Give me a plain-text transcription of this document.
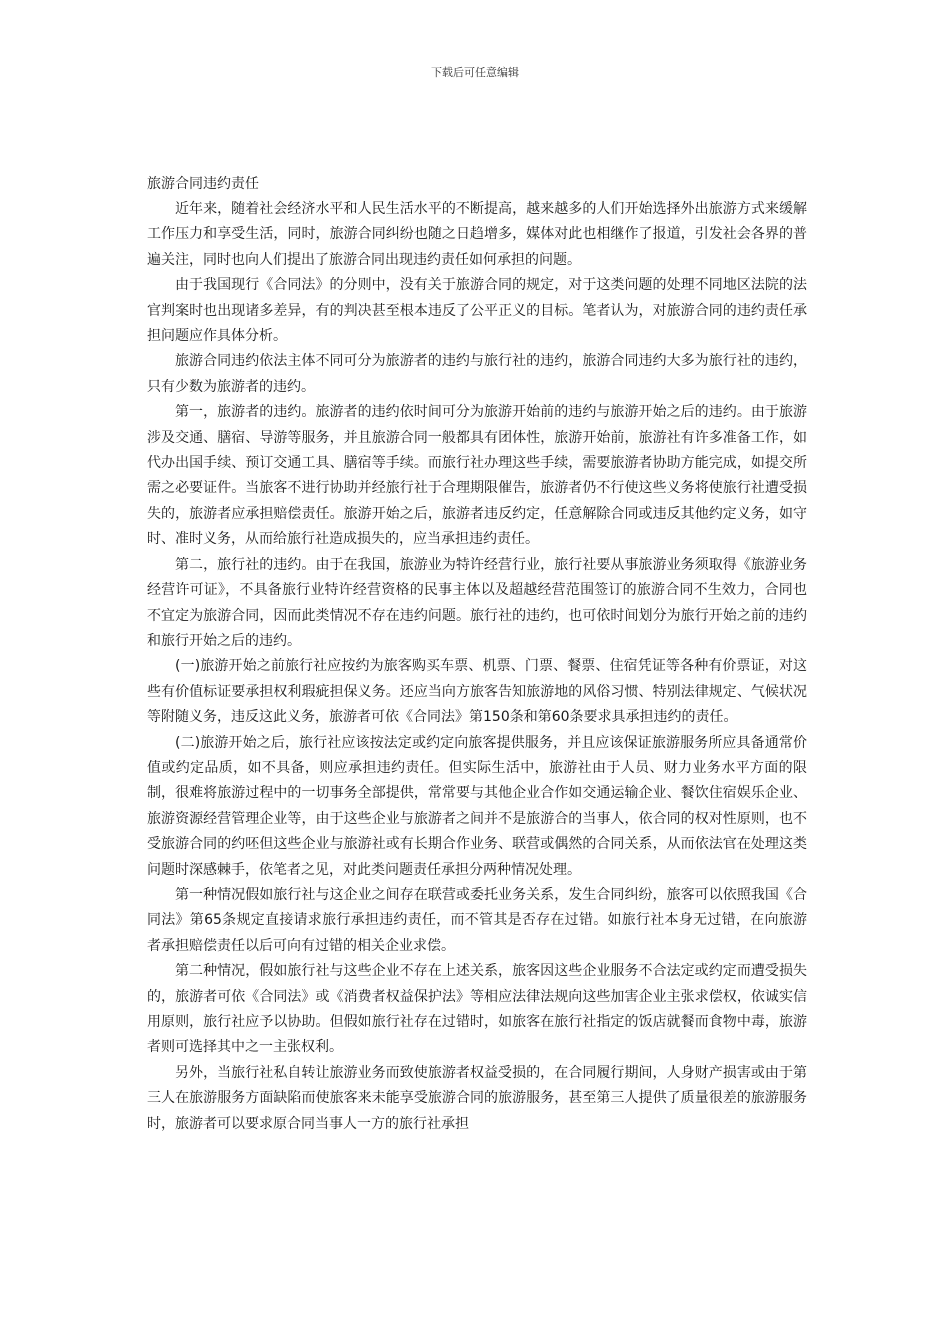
下载后可任意编辑
旅游合同违约责任

近年来，随着社会经济水平和人民生活水平的不断提高，越来越多的人们开始选择外出旅游方式来缓解工作压力和享受生活，同时，旅游合同纠纷也随之日趋增多，媒体对此也相继作了报道，引发社会各界的普遍关注，同时也向人们提出了旅游合同出现违约责任如何承担的问题。

由于我国现行《合同法》的分则中，没有关于旅游合同的规定，对于这类问题的处理不同地区法院的法官判案时也出现诸多差异，有的判决甚至根本违反了公平正义的目标。笔者认为，对旅游合同的违约责任承担问题应作具体分析。

旅游合同违约依法主体不同可分为旅游者的违约与旅行社的违约，旅游合同违约大多为旅行社的违约，只有少数为旅游者的违约。

第一，旅游者的违约。旅游者的违约依时间可分为旅游开始前的违约与旅游开始之后的违约。由于旅游涉及交通、膳宿、导游等服务，并且旅游合同一般都具有团体性，旅游开始前，旅游社有许多准备工作，如代办出国手续、预订交通工具、膳宿等手续。而旅行社办理这些手续，需要旅游者协助方能完成，如提交所需之必要证件。当旅客不进行协助并经旅行社于合理期限催告，旅游者仍不行使这些义务将使旅行社遭受损失的，旅游者应承担赔偿责任。旅游开始之后，旅游者违反约定，任意解除合同或违反其他约定义务，如守时、准时义务，从而给旅行社造成损失的，应当承担违约责任。

第二，旅行社的违约。由于在我国，旅游业为特许经营行业，旅行社要从事旅游业务须取得《旅游业务经营许可证》，不具备旅行业特许经营资格的民事主体以及超越经营范围签订的旅游合同不生效力，合同也不宜定为旅游合同，因而此类情况不存在违约问题。旅行社的违约，也可依时间划分为旅行开始之前的违约和旅行开始之后的违约。

(一)旅游开始之前旅行社应按约为旅客购买车票、机票、门票、餐票、住宿凭证等各种有价票证，对这些有价值标证要承担权利瑕疵担保义务。还应当向方旅客告知旅游地的风俗习惯、特别法律规定、气候状况等附随义务，违反这此义务，旅游者可依《合同法》第150条和第60条要求具承担违约的责任。

(二)旅游开始之后，旅行社应该按法定或约定向旅客提供服务，并且应该保证旅游服务所应具备通常价值或约定品质，如不具备，则应承担违约责任。但实际生活中，旅游社由于人员、财力业务水平方面的限制，很难将旅游过程中的一切事务全部提供，常常要与其他企业合作如交通运输企业、餐饮住宿娱乐企业、旅游资源经营管理企业等，由于这些企业与旅游者之间并不是旅游合的当事人，依合同的权对性原则，也不受旅游合同的约呸但这些企业与旅游社或有长期合作业务、联营或偶然的合同关系，从而依法官在处理这类问题时深感棘手，依笔者之见，对此类问题责任承担分两种情况处理。

第一种情况假如旅行社与这企业之间存在联营或委托业务关系，发生合同纠纷，旅客可以依照我国《合同法》第65条规定直接请求旅行承担违约责任，而不管其是否存在过错。如旅行社本身无过错，在向旅游者承担赔偿责任以后可向有过错的相关企业求偿。

第二种情况，假如旅行社与这些企业不存在上述关系，旅客因这些企业服务不合法定或约定而遭受损失的，旅游者可依《合同法》或《消费者权益保护法》等相应法律法规向这些加害企业主张求偿权，依诚实信用原则，旅行社应予以协助。但假如旅行社存在过错时，如旅客在旅行社指定的饭店就餐而食物中毒，旅游者则可选择其中之一主张权利。

另外，当旅行社私自转让旅游业务而致使旅游者权益受损的，在合同履行期间，人身财产损害或由于第三人在旅游服务方面缺陷而使旅客来未能享受旅游合同的旅游服务，甚至第三人提供了质量很差的旅游服务时，旅游者可以要求原合同当事人一方的旅行社承担
